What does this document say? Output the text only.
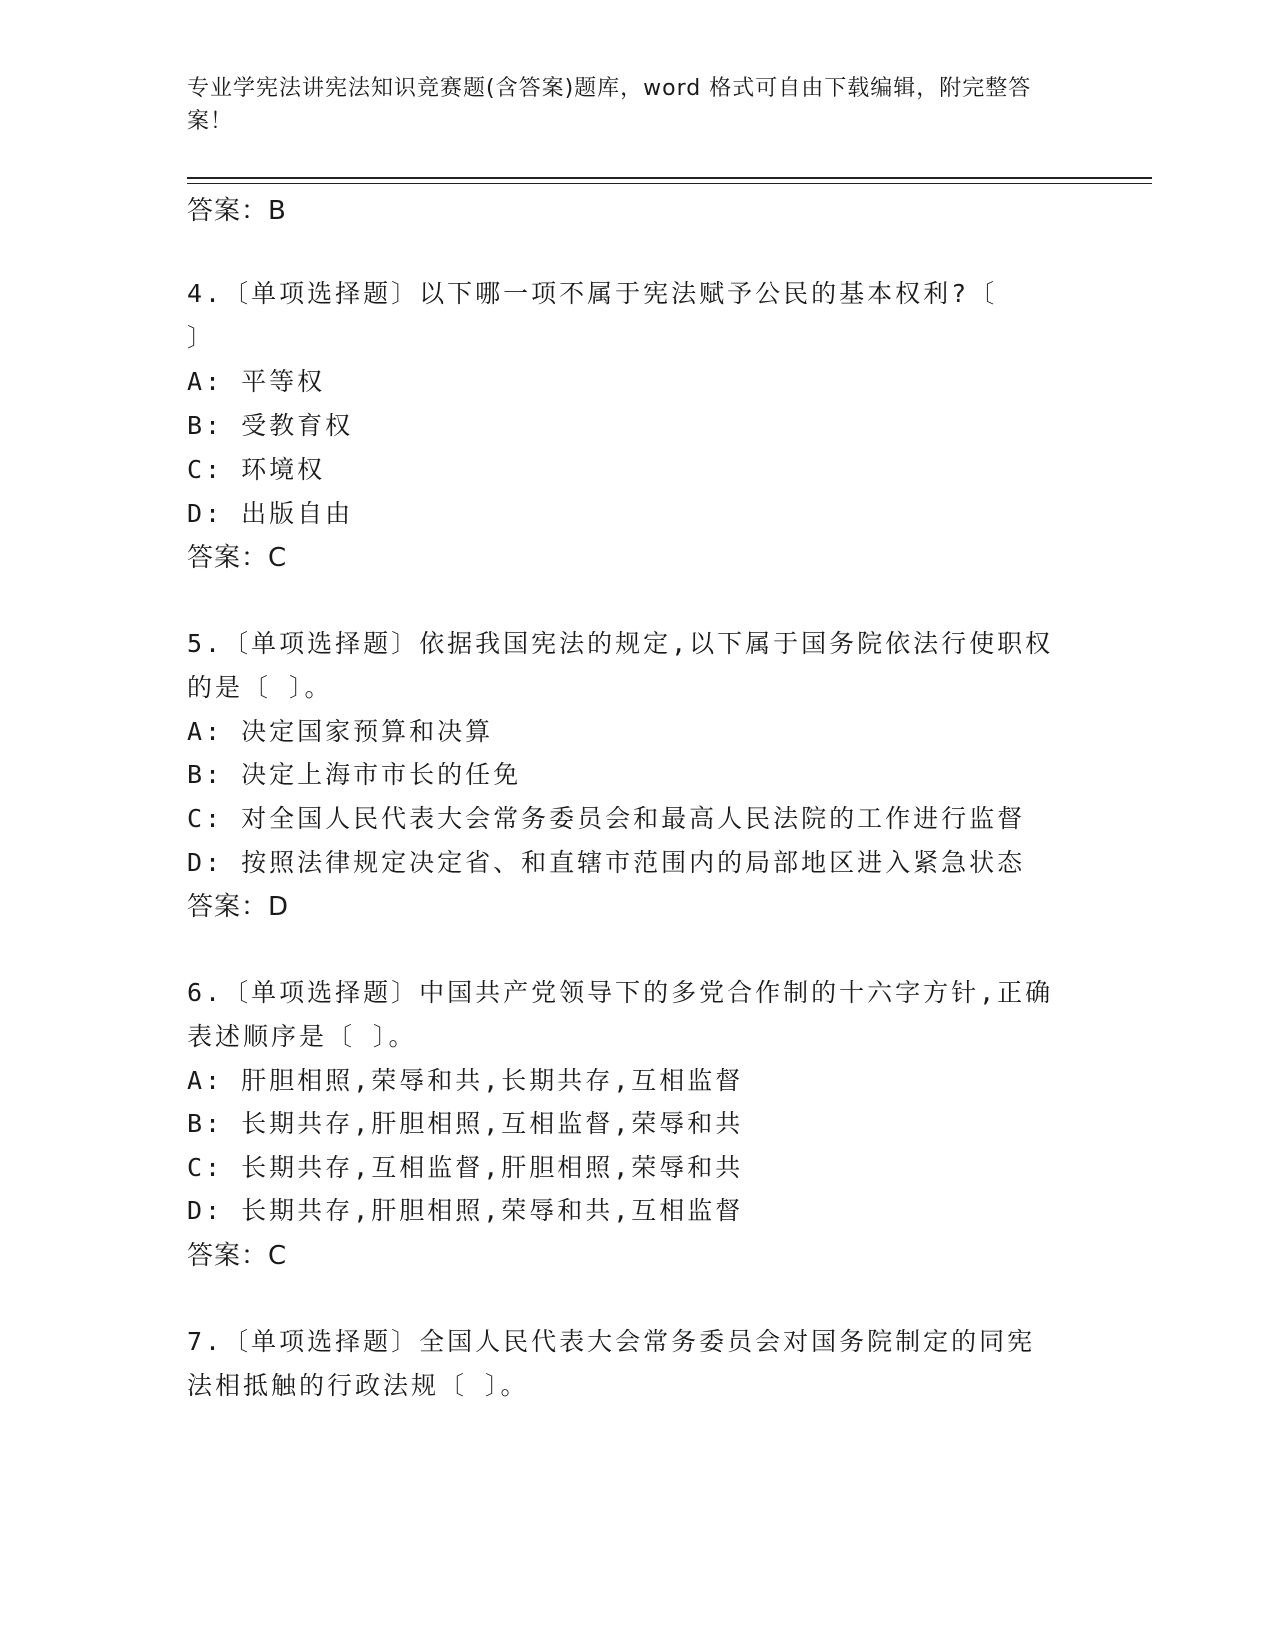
专业学宪法讲宪法知识竞赛题(含答案)题库，word 格式可自由下载编辑，附完整答案！
答案：B
4.〔单项选择题〕以下哪一项不属于宪法赋予公民的基本权利?〔
〕
A: 平等权
B: 受教育权
C: 环境权
D: 出版自由
答案：C
5.〔单项选择题〕依据我国宪法的规定,以下属于国务院依法行使职权
的是〔 〕。
A: 决定国家预算和决算
B: 决定上海市市长的任免
C: 对全国人民代表大会常务委员会和最高人民法院的工作进行监督
D: 按照法律规定决定省、和直辖市范围内的局部地区进入紧急状态
答案：D
6.〔单项选择题〕中国共产党领导下的多党合作制的十六字方针,正确
表述顺序是〔 〕。
A: 肝胆相照,荣辱和共,长期共存,互相监督
B: 长期共存,肝胆相照,互相监督,荣辱和共
C: 长期共存,互相监督,肝胆相照,荣辱和共
D: 长期共存,肝胆相照,荣辱和共,互相监督
答案：C
7.〔单项选择题〕全国人民代表大会常务委员会对国务院制定的同宪
法相抵触的行政法规〔 〕。
